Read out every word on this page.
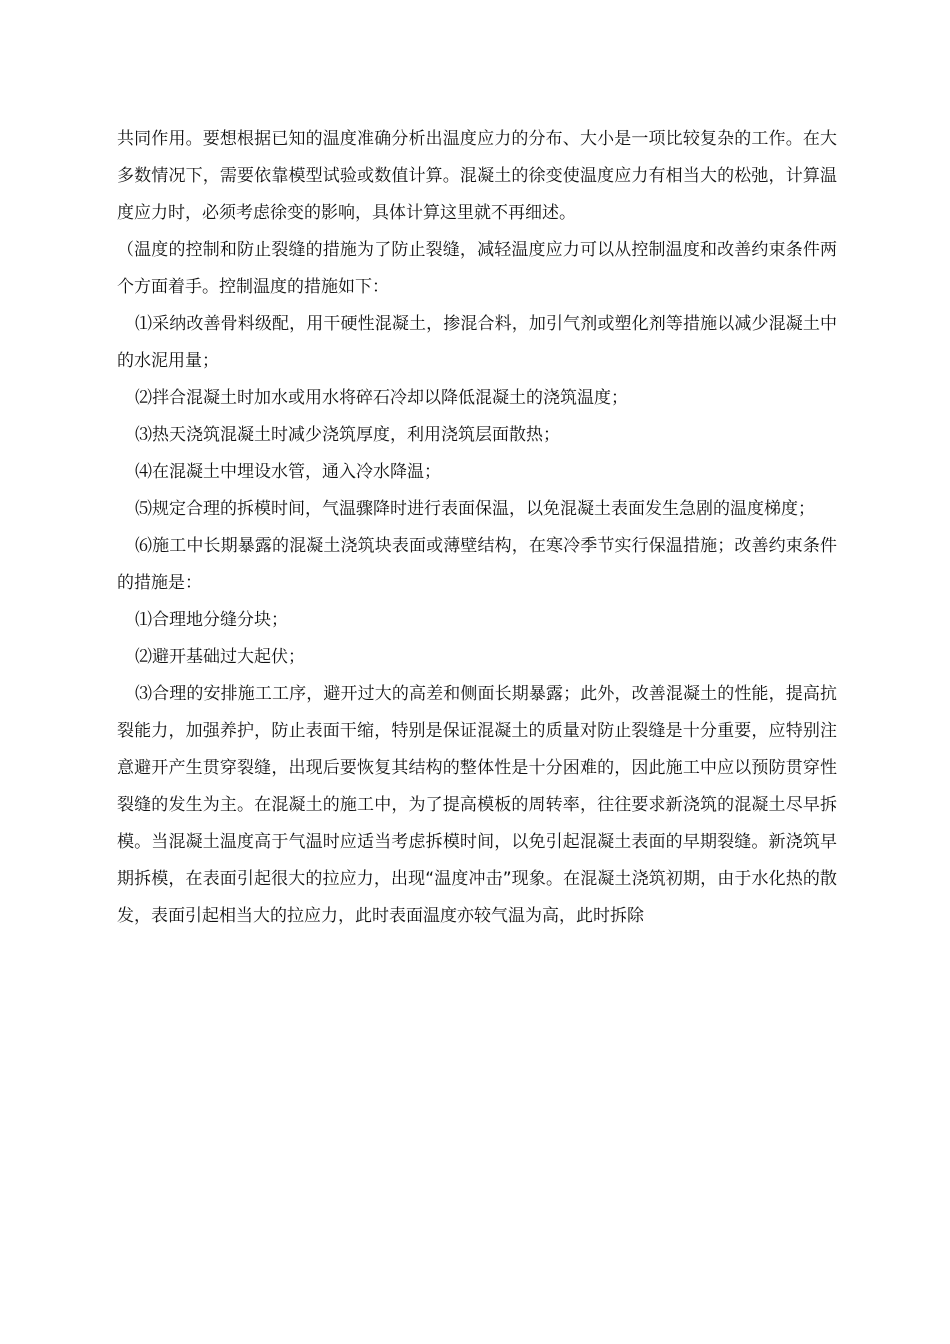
共同作用。要想根据已知的温度准确分析出温度应力的分布、大小是一项比较复杂的工作。在大多数情况下，需要依靠模型试验或数值计算。混凝土的徐变使温度应力有相当大的松弛，计算温度应力时，必须考虑徐变的影响，具体计算这里就不再细述。

（温度的控制和防止裂缝的措施为了防止裂缝，减轻温度应力可以从控制温度和改善约束条件两个方面着手。控制温度的措施如下：

⑴采纳改善骨料级配，用干硬性混凝土，掺混合料，加引气剂或塑化剂等措施以减少混凝土中的水泥用量；

⑵拌合混凝土时加水或用水将碎石冷却以降低混凝土的浇筑温度；

⑶热天浇筑混凝土时减少浇筑厚度，利用浇筑层面散热；

⑷在混凝土中埋设水管，通入冷水降温；

⑸规定合理的拆模时间，气温骤降时进行表面保温，以免混凝土表面发生急剧的温度梯度；

⑹施工中长期暴露的混凝土浇筑块表面或薄壁结构，在寒冷季节实行保温措施；改善约束条件的措施是：

⑴合理地分缝分块；

⑵避开基础过大起伏；

⑶合理的安排施工工序，避开过大的高差和侧面长期暴露；此外，改善混凝土的性能，提高抗裂能力，加强养护，防止表面干缩，特别是保证混凝土的质量对防止裂缝是十分重要，应特别注意避开产生贯穿裂缝，出现后要恢复其结构的整体性是十分困难的，因此施工中应以预防贯穿性裂缝的发生为主。在混凝土的施工中，为了提高模板的周转率，往往要求新浇筑的混凝土尽早拆模。当混凝土温度高于气温时应适当考虑拆模时间，以免引起混凝土表面的早期裂缝。新浇筑早期拆模，在表面引起很大的拉应力，出现“温度冲击”现象。在混凝土浇筑初期，由于水化热的散发，表面引起相当大的拉应力，此时表面温度亦较气温为高，此时拆除
